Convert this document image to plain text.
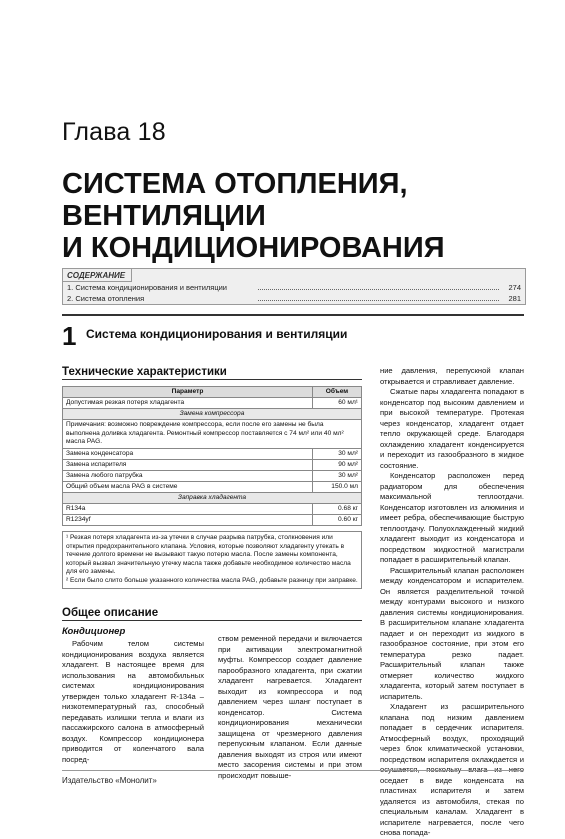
Глава 18
СИСТЕМА ОТОПЛЕНИЯ,
ВЕНТИЛЯЦИИ
И КОНДИЦИОНИРОВАНИЯ
СОДЕРЖАНИЕ
1. Система кондиционирования и вентиляции	274
2. Система отопления	281
1 Система кондиционирования и вентиляции
Технические характеристики
Параметр	Объем
Допустимая резкая потеря хладагента	60 мл¹
Замена компрессора	
Примечания: возможно повреждение компрессора, если после его замены не была выполнена доливка хладагента. Ремонтный компрессор поставляется с 74 мл² или 40 мл² масла PAG.	
Замена конденсатора	30 мл²
Замена испарителя	90 мл²
Замена любого патрубка	30 мл²
Общий объем масла PAG в системе	150.0 мл
Заправка хладагента	
R134a	0.68 кг
R1234yf	0.60 кг
¹ Резкая потеря хладагента из-за утечки в случае разрыва патрубка, столкновения или открытия предохранительного клапана. Условия, которые позволяют хладагенту утекать в течение долгого времени не вызывают такую потерю масла. После замены компонента, который вызвал значительную утечку масла также добавьте необходимое количество масла для его замены.
² Если было слито больше указанного количества масла PAG, добавьте разницу при заправке.
Общее описание
Кондиционер

Рабочим телом системы кондиционирования воздуха является хладагент. В настоящее время для использования на автомобильных системах кондиционирования утвержден только хладагент R-134a – низкотемпературный газ, способный передавать излишки тепла и влаги из пассажирского салона в атмосферный воздух. Компрессор кондиционера приводится от коленчатого вала посред-

ством ременной передачи и включается при активации электромагнитной муфты. Компрессор создает давление парообразного хладагента, при сжатии хладагент нагревается. Хладагент выходит из компрессора и под давлением через шланг поступает в конденсатор. Система кондиционирования механически защищена от чрезмерного давления перепускным клапаном. Если данные давления выходят из строя или имеют место засорения системы и при этом происходит повыше-

ние давления, перепускной клапан открывается и стравливает давление.

Сжатые пары хладагента попадают в конденсатор под высоким давлением и при высокой температуре. Протекая через конденсатор, хладагент отдает тепло окружающей среде. Благодаря охлаждению хладагент конденсируется и переходит из газообразного в жидкое состояние.

Конденсатор расположен перед радиатором для обеспечения максимальной теплоотдачи. Конденсатор изготовлен из алюминия и имеет ребра, обеспечивающие быструю теплоотдачу. Полуохлажденный жидкий хладагент выходит из конденсатора и посредством жидкостной магистрали попадает в расширительный клапан.

Расширительный клапан расположен между конденсатором и испарителем. Он является разделительной точкой между контурами высокого и низкого давления системы кондиционирования. В расширительном клапане хладагента падает и он переходит из жидкого в газообразное состояние, при этом его температура резко падает. Расширительный клапан также отмеряет количество жидкого хладагента, который затем поступает в испаритель.

Хладагент из расширительного клапана под низким давлением попадает в сердечник испарителя. Атмосферный воздух, проходящий через блок климатической установки, посредством испарителя охлаждается и осушается, поскольку влага из него оседает в виде конденсата на пластинах испарителя и затем удаляется из автомобиля, стекая по специальным каналам. Хладагент в испарителе нагревается, после чего снова попада-

Издательство «Монолит»
